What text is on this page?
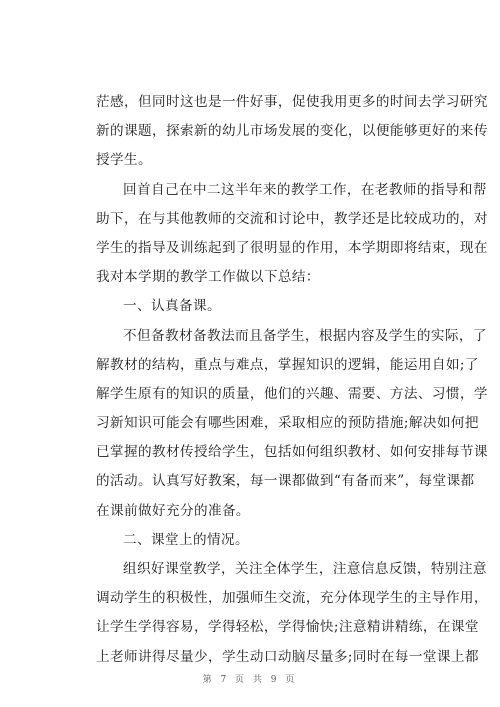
茫感，但同时这也是一件好事，促使我用更多的时间去学习研究
新的课题，探索新的幼儿市场发展的变化，以便能够更好的来传
授学生。
回首自己在中二这半年来的教学工作，在老教师的指导和帮
助下，在与其他教师的交流和讨论中，教学还是比较成功的，对
学生的指导及训练起到了很明显的作用，本学期即将结束，现在
我对本学期的教学工作做以下总结：
一、认真备课。
不但备教材备教法而且备学生，根据内容及学生的实际，了
解教材的结构，重点与难点，掌握知识的逻辑，能运用自如;了
解学生原有的知识的质量，他们的兴趣、需要、方法、习惯，学
习新知识可能会有哪些困难，采取相应的预防措施;解决如何把
已掌握的教材传授给学生，包括如何组织教材、如何安排每节课
的活动。认真写好教案，每一课都做到“有备而来”，每堂课都
在课前做好充分的准备。
二、课堂上的情况。
组织好课堂教学，关注全体学生，注意信息反馈，特别注意
调动学生的积极性，加强师生交流，充分体现学生的主导作用，
让学生学得容易，学得轻松，学得愉快;注意精讲精练，在课堂
上老师讲得尽量少，学生动口动脑尽量多;同时在每一堂课上都
第 7 页 共 9 页
